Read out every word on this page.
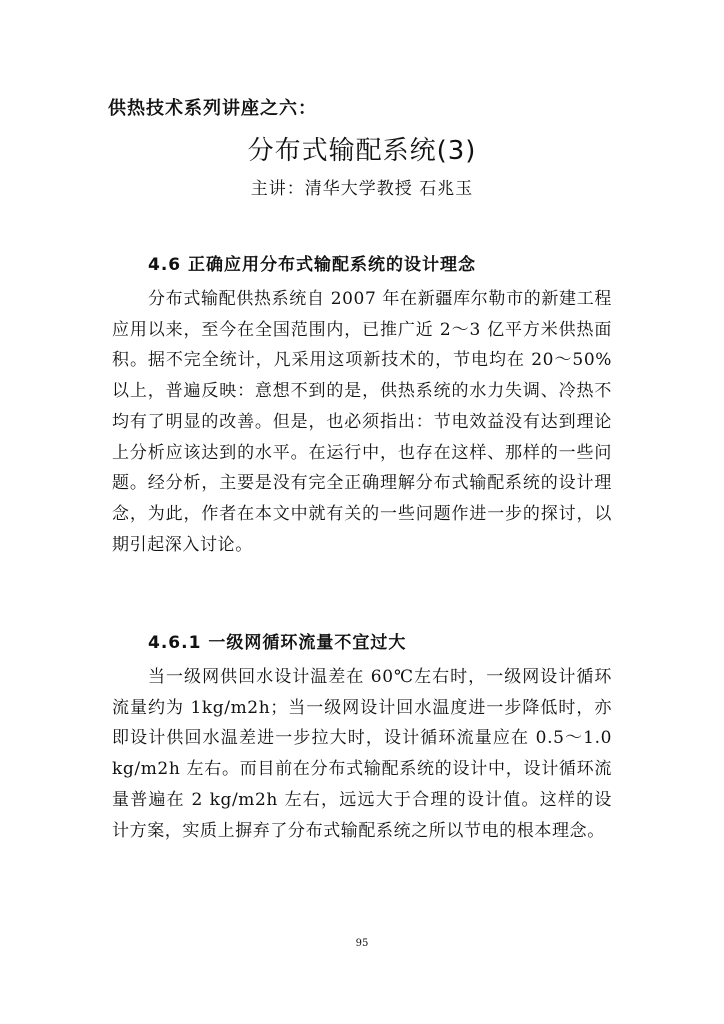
供热技术系列讲座之六：
分布式输配系统(3)
主讲：清华大学教授 石兆玉
4.6 正确应用分布式输配系统的设计理念

分布式输配供热系统自 2007 年在新疆库尔勒市的新建工程应用以来，至今在全国范围内，已推广近 2～3 亿平方米供热面积。据不完全统计，凡采用这项新技术的，节电均在 20～50%以上，普遍反映：意想不到的是，供热系统的水力失调、冷热不均有了明显的改善。但是，也必须指出：节电效益没有达到理论上分析应该达到的水平。在运行中，也存在这样、那样的一些问题。经分析，主要是没有完全正确理解分布式输配系统的设计理念，为此，作者在本文中就有关的一些问题作进一步的探讨，以期引起深入讨论。

4.6.1 一级网循环流量不宜过大

当一级网供回水设计温差在 60℃左右时，一级网设计循环流量约为 1kg/m2h；当一级网设计回水温度进一步降低时，亦即设计供回水温差进一步拉大时，设计循环流量应在 0.5～1.0 kg/m2h 左右。而目前在分布式输配系统的设计中，设计循环流量普遍在 2 kg/m2h 左右，远远大于合理的设计值。这样的设计方案，实质上摒弃了分布式输配系统之所以节电的根本理念。

95
